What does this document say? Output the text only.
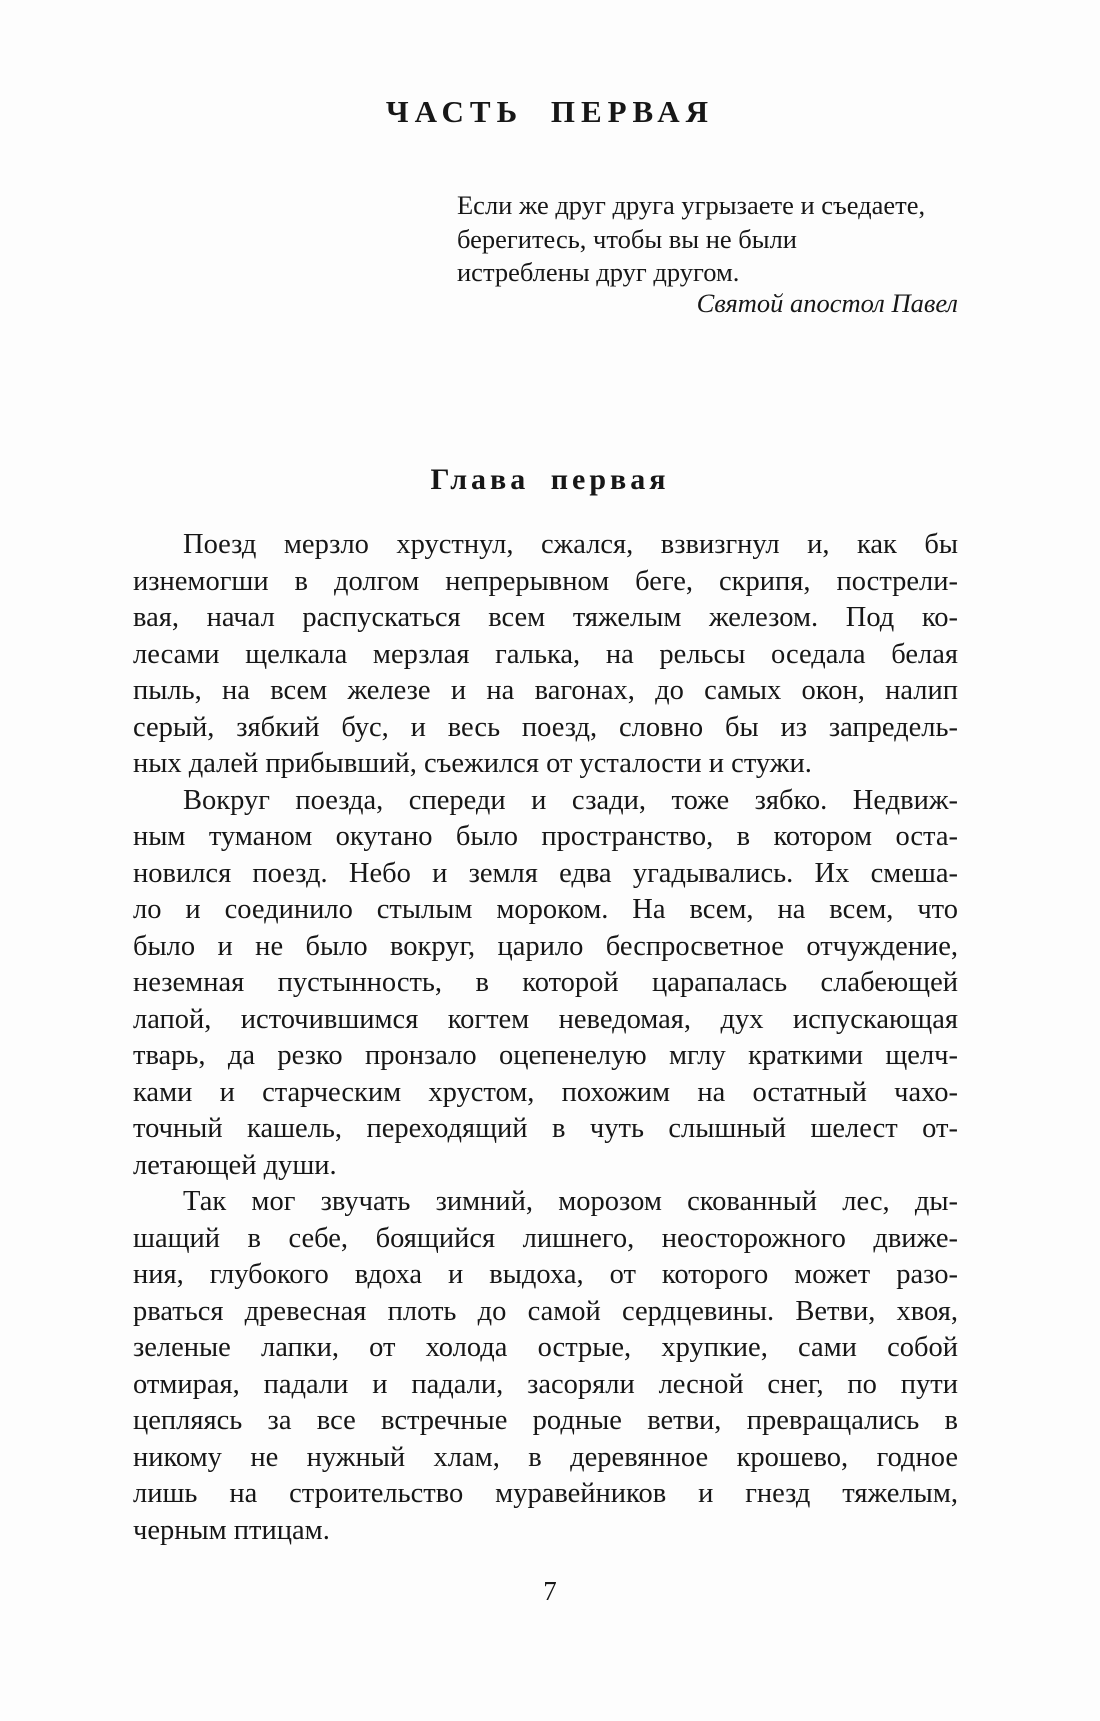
ЧАСТЬ ПЕРВАЯ
Если же друг друга угрызаете и съедаете,
берегитесь, чтобы вы не были
истреблены друг другом.
Святой апостол Павел
Глава первая
Поезд мерзло хрустнул, сжался, взвизгнул и, как бы
изнемогши в долгом непрерывном беге, скрипя, пострели-
вая, начал распускаться всем тяжелым железом. Под ко-
лесами щелкала мерзлая галька, на рельсы оседала белая
пыль, на всем железе и на вагонах, до самых окон, налип
серый, зябкий бус, и весь поезд, словно бы из запредель-
ных далей прибывший, съежился от усталости и стужи.
Вокруг поезда, спереди и сзади, тоже зябко. Недвиж-
ным туманом окутано было пространство, в котором оста-
новился поезд. Небо и земля едва угадывались. Их смеша-
ло и соединило стылым мороком. На всем, на всем, что
было и не было вокруг, царило беспросветное отчуждение,
неземная пустынность, в которой царапалась слабеющей
лапой, источившимся когтем неведомая, дух испускающая
тварь, да резко пронзало оцепенелую мглу краткими щелч-
ками и старческим хрустом, похожим на остатный чахо-
точный кашель, переходящий в чуть слышный шелест от-
летающей души.
Так мог звучать зимний, морозом скованный лес, ды-
шащий в себе, боящийся лишнего, неосторожного движе-
ния, глубокого вдоха и выдоха, от которого может разо-
рваться древесная плоть до самой сердцевины. Ветви, хвоя,
зеленые лапки, от холода острые, хрупкие, сами собой
отмирая, падали и падали, засоряли лесной снег, по пути
цепляясь за все встречные родные ветви, превращались в
никому не нужный хлам, в деревянное крошево, годное
лишь на строительство муравейников и гнезд тяжелым,
черным птицам.
7
